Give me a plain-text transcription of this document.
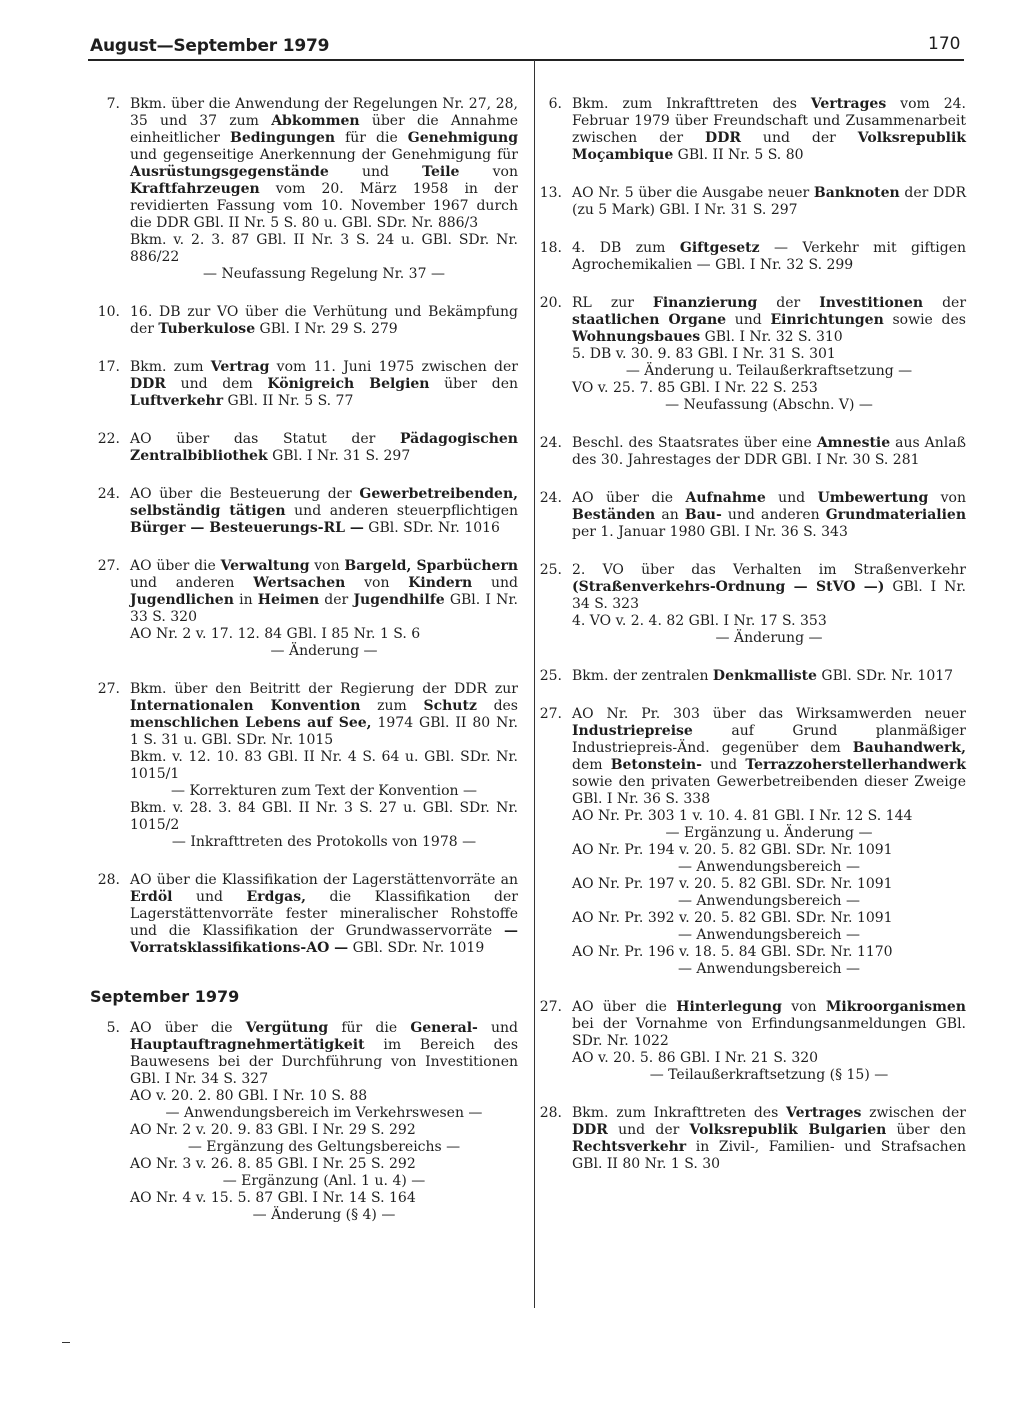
August—September 1979	170
7. Bkm. über die Anwendung der Regelungen Nr. 27, 28, 35 und 37 zum Abkommen über die Annahme einheitlicher Bedingungen für die Genehmigung und gegenseitige Anerkennung der Genehmigung für Ausrüstungsgegenstände und Teile von Kraftfahrzeugen vom 20. März 1958 in der revidierten Fassung vom 10. November 1967 durch die DDR GBl. II Nr. 5 S. 80 u. GBl. SDr. Nr. 886/3
Bkm. v. 2. 3. 87 GBl. II Nr. 3 S. 24 u. GBl. SDr. Nr. 886/22
— Neufassung Regelung Nr. 37 —
10. 16. DB zur VO über die Verhütung und Bekämpfung der Tuberkulose GBl. I Nr. 29 S. 279
17. Bkm. zum Vertrag vom 11. Juni 1975 zwischen der DDR und dem Königreich Belgien über den Luftverkehr GBl. II Nr. 5 S. 77
22. AO über das Statut der Pädagogischen Zentralbibliothek GBl. I Nr. 31 S. 297
24. AO über die Besteuerung der Gewerbetreibenden, selbständig tätigen und anderen steuerpflichtigen Bürger — Besteuerungs-RL — GBl. SDr. Nr. 1016
27. AO über die Verwaltung von Bargeld, Sparbüchern und anderen Wertsachen von Kindern und Jugendlichen in Heimen der Jugendhilfe GBl. I Nr. 33 S. 320
AO Nr. 2 v. 17. 12. 84 GBl. I 85 Nr. 1 S. 6
— Änderung —
27. Bkm. über den Beitritt der Regierung der DDR zur Internationalen Konvention zum Schutz des menschlichen Lebens auf See, 1974 GBl. II 80 Nr. 1 S. 31 u. GBl. SDr. Nr. 1015
Bkm. v. 12. 10. 83 GBl. II Nr. 4 S. 64 u. GBl. SDr. Nr. 1015/1
— Korrekturen zum Text der Konvention —
Bkm. v. 28. 3. 84 GBl. II Nr. 3 S. 27 u. GBl. SDr. Nr. 1015/2
— Inkrafttreten des Protokolls von 1978 —
28. AO über die Klassifikation der Lagerstättenvorräte an Erdöl und Erdgas, die Klassifikation der Lagerstättenvorräte fester mineralischer Rohstoffe und die Klassifikation der Grundwasservorräte — Vorratsklassifikations-AO — GBl. SDr. Nr. 1019
September 1979
5. AO über die Vergütung für die General- und Hauptauftragnehmertätigkeit im Bereich des Bauwesens bei der Durchführung von Investitionen GBl. I Nr. 34 S. 327
AO v. 20. 2. 80 GBl. I Nr. 10 S. 88
— Anwendungsbereich im Verkehrswesen —
AO Nr. 2 v. 20. 9. 83 GBl. I Nr. 29 S. 292
— Ergänzung des Geltungsbereichs —
AO Nr. 3 v. 26. 8. 85 GBl. I Nr. 25 S. 292
— Ergänzung (Anl. 1 u. 4) —
AO Nr. 4 v. 15. 5. 87 GBl. I Nr. 14 S. 164
— Änderung (§ 4) —
6. Bkm. zum Inkrafttreten des Vertrages vom 24. Februar 1979 über Freundschaft und Zusammenarbeit zwischen der DDR und der Volksrepublik Moçambique GBl. II Nr. 5 S. 80
13. AO Nr. 5 über die Ausgabe neuer Banknoten der DDR (zu 5 Mark) GBl. I Nr. 31 S. 297
18. 4. DB zum Giftgesetz — Verkehr mit giftigen Agrochemikalien — GBl. I Nr. 32 S. 299
20. RL zur Finanzierung der Investitionen der staatlichen Organe und Einrichtungen sowie des Wohnungsbaues GBl. I Nr. 32 S. 310
5. DB v. 30. 9. 83 GBl. I Nr. 31 S. 301
— Änderung u. Teilaußerkraftsetzung —
VO v. 25. 7. 85 GBl. I Nr. 22 S. 253
— Neufassung (Abschn. V) —
24. Beschl. des Staatsrates über eine Amnestie aus Anlaß des 30. Jahrestages der DDR GBl. I Nr. 30 S. 281
24. AO über die Aufnahme und Umbewertung von Beständen an Bau- und anderen Grundmaterialien per 1. Januar 1980 GBl. I Nr. 36 S. 343
25. 2. VO über das Verhalten im Straßenverkehr (Straßenverkehrs-Ordnung — StVO —) GBl. I Nr. 34 S. 323
4. VO v. 2. 4. 82 GBl. I Nr. 17 S. 353
— Änderung —
25. Bkm. der zentralen Denkmalliste GBl. SDr. Nr. 1017
27. AO Nr. Pr. 303 über das Wirksamwerden neuer Industriepreise auf Grund planmäßiger Industriepreis-Änd. gegenüber dem Bauhandwerk, dem Betonstein- und Terrazzoherstellerhandwerk sowie den privaten Gewerbetreibenden dieser Zweige GBl. I Nr. 36 S. 338
AO Nr. Pr. 303 1 v. 10. 4. 81 GBl. I Nr. 12 S. 144
— Ergänzung u. Änderung —
AO Nr. Pr. 194 v. 20. 5. 82 GBl. SDr. Nr. 1091
— Anwendungsbereich —
AO Nr. Pr. 197 v. 20. 5. 82 GBl. SDr. Nr. 1091
— Anwendungsbereich —
AO Nr. Pr. 392 v. 20. 5. 82 GBl. SDr. Nr. 1091
— Anwendungsbereich —
AO Nr. Pr. 196 v. 18. 5. 84 GBl. SDr. Nr. 1170
— Anwendungsbereich —
27. AO über die Hinterlegung von Mikroorganismen bei der Vornahme von Erfindungsanmeldungen GBl. SDr. Nr. 1022
AO v. 20. 5. 86 GBl. I Nr. 21 S. 320
— Teilaußerkraftsetzung (§ 15) —
28. Bkm. zum Inkrafttreten des Vertrages zwischen der DDR und der Volksrepublik Bulgarien über den Rechtsverkehr in Zivil-, Familien- und Strafsachen GBl. II 80 Nr. 1 S. 30
